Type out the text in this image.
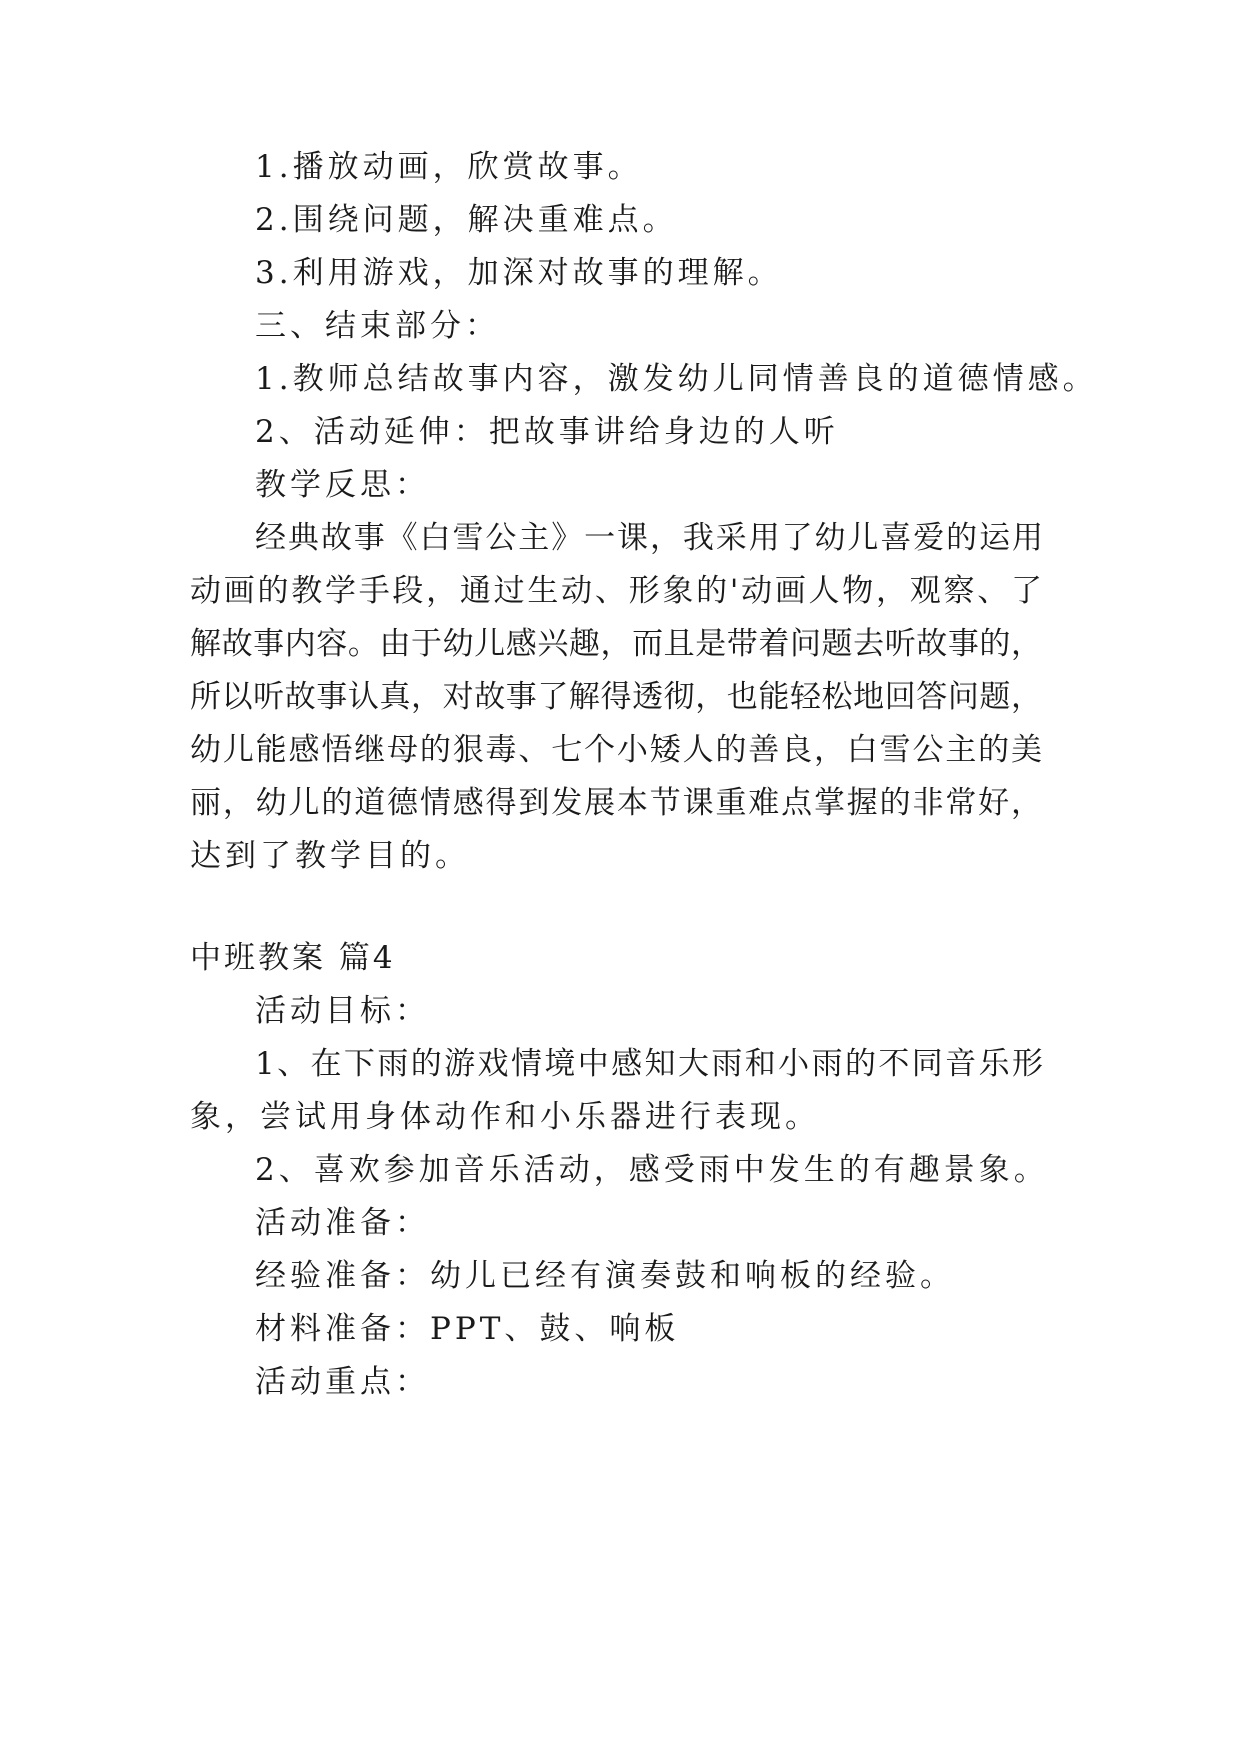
1.播放动画，欣赏故事。
2.围绕问题，解决重难点。
3.利用游戏，加深对故事的理解。
三、结束部分：
1.教师总结故事内容，激发幼儿同情善良的道德情感。
2、活动延伸：把故事讲给身边的人听
教学反思：
经典故事《白雪公主》一课，我采用了幼儿喜爱的运用
动画的教学手段，通过生动、形象的'动画人物，观察、了
解故事内容。由于幼儿感兴趣，而且是带着问题去听故事的，
所以听故事认真，对故事了解得透彻，也能轻松地回答问题，
幼儿能感悟继母的狠毒、七个小矮人的善良，白雪公主的美
丽，幼儿的道德情感得到发展本节课重难点掌握的非常好，
达到了教学目的。
中班教案 篇4
活动目标：
1、在下雨的游戏情境中感知大雨和小雨的不同音乐形
象，尝试用身体动作和小乐器进行表现。
2、喜欢参加音乐活动，感受雨中发生的有趣景象。
活动准备：
经验准备：幼儿已经有演奏鼓和响板的经验。
材料准备：PPT、鼓、响板
活动重点：
